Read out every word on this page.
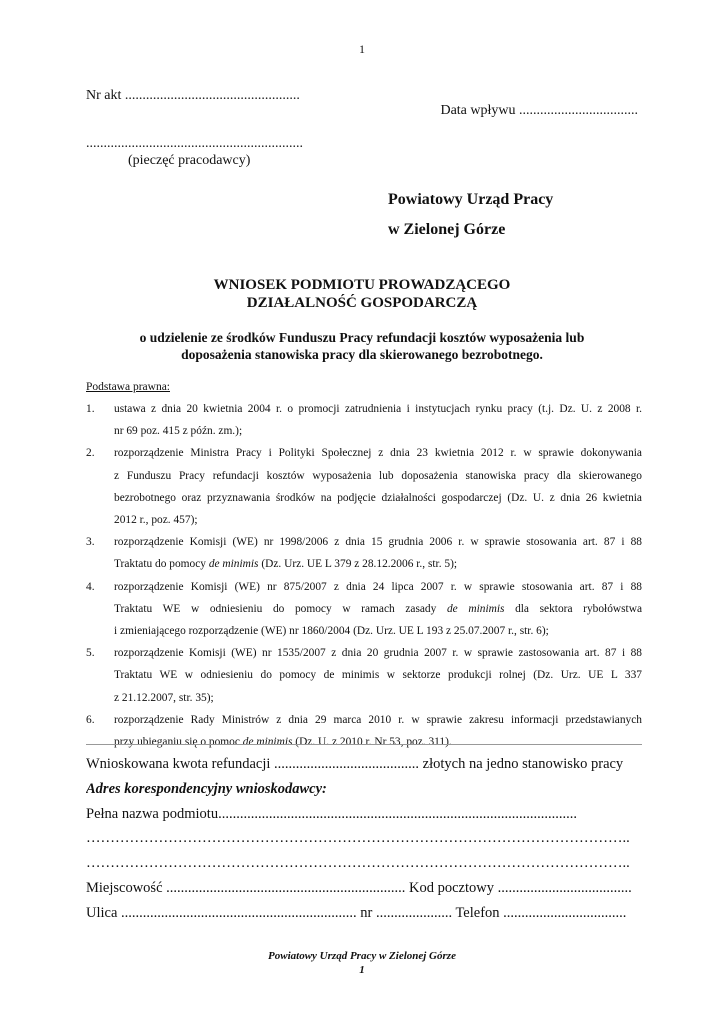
1
Nr akt ..................................................
Data wpływu ..................................
..............................................................
(pieczęć pracodawcy)
Powiatowy Urząd Pracy
w Zielonej Górze
WNIOSEK PODMIOTU PROWADZĄCEGO
DZIAŁALNOŚĆ GOSPODARCZĄ
o udzielenie ze środków Funduszu Pracy refundacji kosztów wyposażenia lub
doposażenia stanowiska pracy dla skierowanego bezrobotnego.
Podstawa prawna:
1. ustawa z dnia 20 kwietnia 2004 r. o promocji zatrudnienia i instytucjach rynku pracy (t.j. Dz. U. z 2008 r.
nr 69 poz. 415 z późn. zm.);
2. rozporządzenie Ministra Pracy i Polityki Społecznej z dnia 23 kwietnia 2012 r. w sprawie dokonywania
z Funduszu Pracy refundacji kosztów wyposażenia lub doposażenia stanowiska pracy dla skierowanego
bezrobotnego oraz przyznawania środków na podjęcie działalności gospodarczej (Dz. U. z dnia 26 kwietnia
2012 r., poz. 457);
3. rozporządzenie Komisji (WE) nr 1998/2006 z dnia 15 grudnia 2006 r. w sprawie stosowania art. 87 i 88
Traktatu do pomocy de minimis (Dz. Urz. UE L 379 z 28.12.2006 r., str. 5);
4. rozporządzenie Komisji (WE) nr 875/2007 z dnia 24 lipca 2007 r. w sprawie stosowania art. 87 i 88
Traktatu WE w odniesieniu do pomocy w ramach zasady de minimis dla sektora rybołówstwa
i zmieniającego rozporządzenie (WE) nr 1860/2004 (Dz. Urz. UE L 193 z 25.07.2007 r., str. 6);
5. rozporządzenie Komisji (WE) nr 1535/2007 z dnia 20 grudnia 2007 r. w sprawie zastosowania art. 87 i 88
Traktatu WE w odniesieniu do pomocy de minimis w sektorze produkcji rolnej (Dz. Urz. UE L 337
z 21.12.2007, str. 35);
6. rozporządzenie Rady Ministrów z dnia 29 marca 2010 r. w sprawie zakresu informacji przedstawianych
przy ubieganiu się o pomoc de minimis (Dz. U. z 2010 r. Nr 53, poz. 311).
Wnioskowana kwota refundacji ........................................ złotych na jedno stanowisko pracy
Adres korespondencyjny wnioskodawcy:
Pełna nazwa podmiotu...................................................................................................
…………………………………………………………………………………………………..
…………………………………………………………………………………………………..
Miejscowość .................................................................. Kod pocztowy .....................................
Ulica ................................................................. nr ..................... Telefon ..................................
Powiatowy Urząd Pracy w Zielonej Górze
1
